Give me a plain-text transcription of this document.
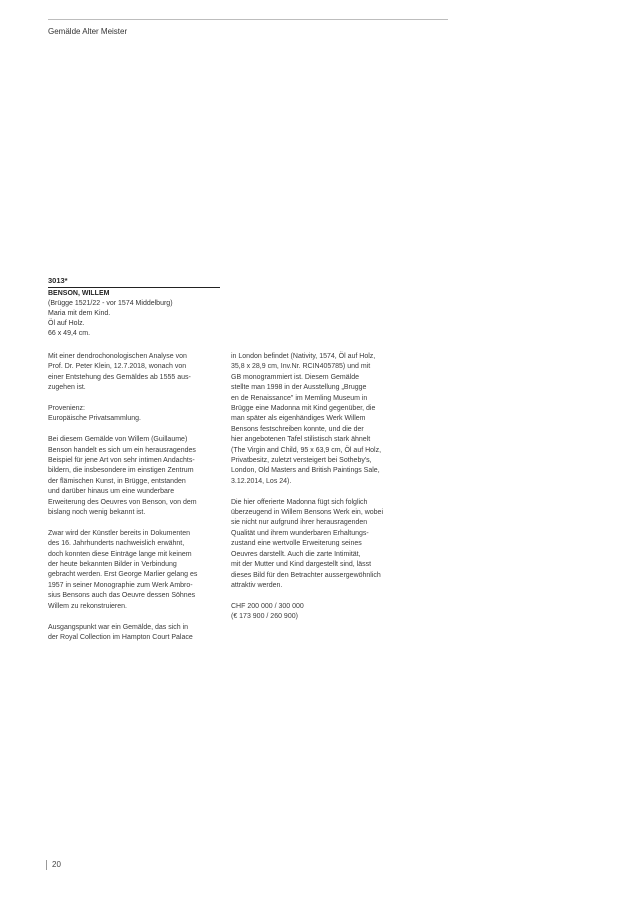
Gemälde Alter Meister
3013*
BENSON, WILLEM
(Brügge 1521/22 - vor 1574 Middelburg)
Maria mit dem Kind.
Öl auf Holz.
66 x 49,4 cm.
Mit einer dendrochonologischen Analyse von
Prof. Dr. Peter Klein, 12.7.2018, wonach von
einer Entstehung des Gemäldes ab 1555 aus-
zugehen ist.
Provenienz:
Europäische Privatsammlung.
Bei diesem Gemälde von Willem (Guillaume)
Benson handelt es sich um ein herausragendes
Beispiel für jene Art von sehr intimen Andachts-
bildern, die insbesondere im einstigen Zentrum
der flämischen Kunst, in Brügge, entstanden
und darüber hinaus um eine wunderbare
Erweiterung des Oeuvres von Benson, von dem
bislang noch wenig bekannt ist.
Zwar wird der Künstler bereits in Dokumenten
des 16. Jahrhunderts nachweislich erwähnt,
doch konnten diese Einträge lange mit keinem
der heute bekannten Bilder in Verbindung
gebracht werden. Erst George Marlier gelang es
1957 in seiner Monographie zum Werk Ambro-
sius Bensons auch das Oeuvre dessen Söhnes
Willem zu rekonstruieren.
Ausgangspunkt war ein Gemälde, das sich in
der Royal Collection im Hampton Court Palace
in London befindet (Nativity, 1574, Öl auf Holz,
35,8 x 28,9 cm, Inv.Nr. RCIN405785) und mit
GB monogrammiert ist. Diesem Gemälde
stellte man 1998 in der Ausstellung „Brugge
en de Renaissance" im Memling Museum in
Brügge eine Madonna mit Kind gegenüber, die
man später als eigenhändiges Werk Willem
Bensons festschreiben konnte, und die der
hier angebotenen Tafel stilistisch stark ähnelt
(The Virgin and Child, 95 x 63,9 cm, Öl auf Holz,
Privatbesitz, zuletzt versteigert bei Sotheby's,
London, Old Masters and British Paintings Sale,
3.12.2014, Los 24).
Die hier offerierte Madonna fügt sich folglich
überzeugend in Willem Bensons Werk ein, wobei
sie nicht nur aufgrund ihrer herausragenden
Qualität und ihrem wunderbaren Erhaltungs-
zustand eine wertvolle Erweiterung seines
Oeuvres darstellt. Auch die zarte Intimität,
mit der Mutter und Kind dargestellt sind, lässt
dieses Bild für den Betrachter aussergewöhnlich
attraktiv werden.
CHF 200 000 / 300 000
(€ 173 900 / 260 900)
20
